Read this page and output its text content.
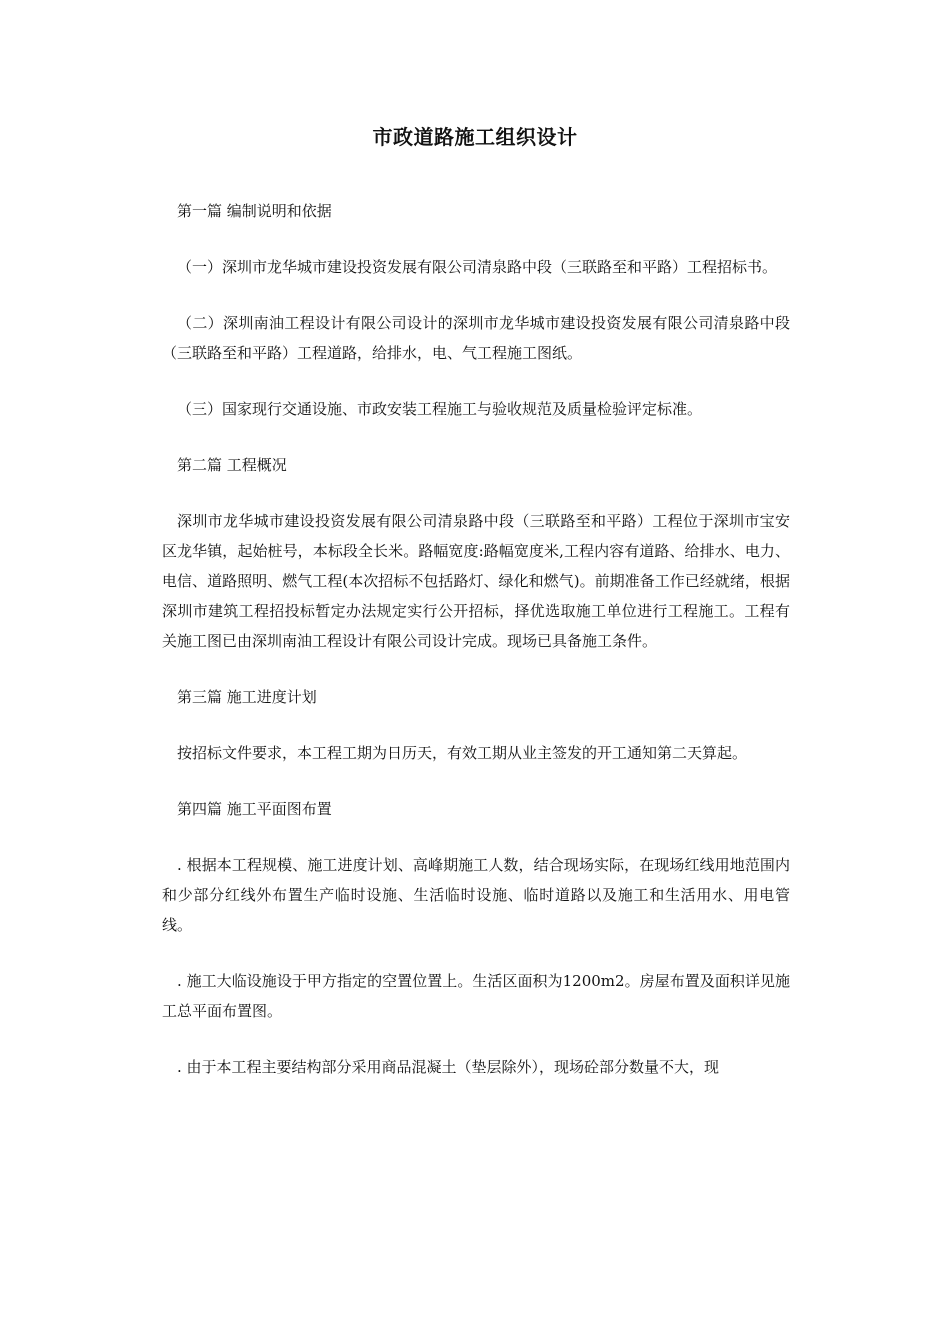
市政道路施工组织设计
第一篇 编制说明和依据
（一）深圳市龙华城市建设投资发展有限公司清泉路中段（三联路至和平路）工程招标书。
（二）深圳南油工程设计有限公司设计的深圳市龙华城市建设投资发展有限公司清泉路中段（三联路至和平路）工程道路，给排水，电、气工程施工图纸。
（三）国家现行交通设施、市政安装工程施工与验收规范及质量检验评定标准。
第二篇 工程概况
深圳市龙华城市建设投资发展有限公司清泉路中段（三联路至和平路）工程位于深圳市宝安区龙华镇，起始桩号，本标段全长米。路幅宽度:路幅宽度米,工程内容有道路、给排水、电力、电信、道路照明、燃气工程(本次招标不包括路灯、绿化和燃气)。前期准备工作已经就绪，根据深圳市建筑工程招投标暂定办法规定实行公开招标，择优选取施工单位进行工程施工。工程有关施工图已由深圳南油工程设计有限公司设计完成。现场已具备施工条件。
第三篇 施工进度计划
按招标文件要求，本工程工期为日历天，有效工期从业主签发的开工通知第二天算起。
第四篇 施工平面图布置
. 根据本工程规模、施工进度计划、高峰期施工人数，结合现场实际，在现场红线用地范围内和少部分红线外布置生产临时设施、生活临时设施、临时道路以及施工和生活用水、用电管线。
. 施工大临设施设于甲方指定的空置位置上。生活区面积为1200m2。房屋布置及面积详见施工总平面布置图。
. 由于本工程主要结构部分采用商品混凝土（垫层除外），现场砼部分数量不大，现
